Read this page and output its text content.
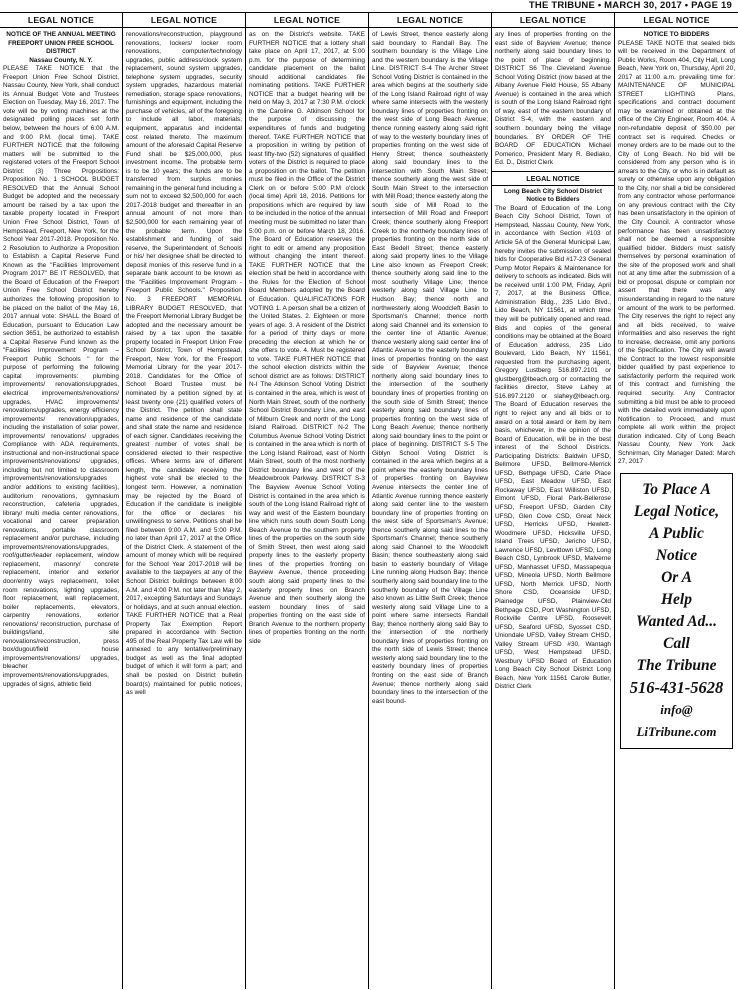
THE TRIBUNE • MARCH 30, 2017 • PAGE 19
LEGAL NOTICE

NOTICE OF THE ANNUAL MEETING

FREEPORT UNION FREE SCHOOL DISTRICT

Nassau County, N. Y.

PLEASE TAKE NOTICE that the Freeport Union Free School District, Nassau County, New York, shall conduct its Annual Budget Vote and Trustees Election on Tuesday, May 16, 2017. The vote will be by voting machines at the designated polling places set forth below, between the hours of 6:00 A.M. and 9:00 P.M. (local time). TAKE FURTHER NOTICE that the following matters will be submitted to the registered voters of the Freeport School District: (3) Three Propositions: Proposition No. 1 SCHOOL BUDGET RESOLVED that the Annual School Budget be adopted and the necessary amount be raised by a tax upon the taxable property located in Freeport Union Free School District, Town of Hempstead, Freeport, New York, for the School Year 2017-2018. Proposition No. 2 Resolution to Authorize a Proposition to Establish a Capital Reserve Fund Known as the "Facilities Improvement Program 2017" BE IT RESOLVED, that the Board of Education of the Freeport Union Free School District hereby authorizes the following proposition to be placed on the ballot of the May 16, 2017 annual vote: SHALL the Board of Education, pursuant to Education Law section 3651, be authorized to establish a Capital Reserve Fund known as the "Facilities Improvement Program – Freeport Public Schools " for the purpose of performing the following capital improvements: plumbing improvements/ renovations/upgrades, electrical improvements/renovations/ upgrades, HVAC improvements/ renovations/upgrades, energy efficiency improvements/ renovation/upgrades, including the installation of solar power, improvements/ renovations/ upgrades Compliance with ADA requirements, instructional and non-instructional space improvements/renovations/ upgrades, including but not limited to classroom improvements/renovations/upgrades and/or additions to existing facilities), auditorium renovations, gymnasium reconstruction, cafeteria upgrades, library/ multi media center renovations, vocational and career preparation renovations, portable classroom replacement and/or purchase, including improvements/renovations/upgrades, roof/gutter/leader replacement, window replacement, masonry/ concrete replacement, interior and exterior door/entry ways replacement, toilet room renovations, lighting upgrades, floor replacement, wall replacement, boiler replacements, elevators, carpentry renovations, exterior renovations/ reconstruction, purchase of buildings/land, site renovations/reconstruction, press box/dugout/field house improvements/renovations/ upgrades, bleacher improvements/renovations/upgrades, upgrades of signs, athletic field

LEGAL NOTICE

renovations/reconstruction, playground renovations, lockers/ locker room renovations, computer/technology upgrades, public address/clock system replacement, sound system upgrades, telephone system upgrades, security system upgrades, hazardous material remediation, storage space renovations, furnishings and equipment, including the purchase of vehicles, all of the foregoing to include all labor, materials, equipment, apparatus and incidental cost related thereto. The maximum amount of the aforesaid Capital Reserve Fund shall be $25,000,000, plus investment income. The probable term is to be 10 years; the funds are to be transferred from surplus monies remaining in the general fund including a sum not to exceed $2,500,000 for each 2017-2018 budget and thereafter in an annual amount of not more than $2,500,000 for each remaining year of the probable term. Upon the establishment and funding of said reserve, the Superintendent of Schools or his/ her designee shall be directed to deposit monies of this reserve fund in a separate bank account to be known as the "Facilities Improvement Program - Freeport Public Schools." Proposition No. 3 FREEPORT MEMORIAL LIBRARY BUDGET RESOLVED, that the Freeport Memorial Library Budget be adopted and the necessary amount be raised by a tax upon the taxable property located in Freeport Union Free School District, Town of Hempstead, Freeport, New York, for the Freeport Memorial Library for the year 2017-2018. Candidates for the Office of School Board Trustee must be nominated by a petition signed by at least twenty one (21) qualified voters of the District. The petition shall state name and residence of the candidate and shall state the name and residence of each signer. Candidates receiving the greatest number of votes shall be considered elected to their respective offices. Where terms are of different length, the candidate receiving the highest vote shall be elected to the longest term. However, a nomination may be rejected by the Board of Education if the candidate is ineligible for the office or declares his unwillingness to serve. Petitions shall be filed between 9:00 A.M. and 5:00 P.M. no later than April 17, 2017 at the Office of the District Clerk. A statement of the amount of money which will be required for the School Year 2017-2018 will be available to the taxpayers at any of the School District buildings between 8:00 A.M. and 4:00 P.M. not later than May 2, 2017, excepting Saturdays and Sundays or holidays, and at such annual election. TAKE FURTHER NOTICE that a Real Property Tax Exemption Report prepared in accordance with Section 495 of the Real Property Tax Law will be annexed to any tentative/preliminary budget as well as the final adopted budget of which it will form a part; and shall be posted on District bulletin board(s) maintained for public notices, as well

LEGAL NOTICE

as on the District's website. TAKE FURTHER NOTICE that a lottery shall take place on April 17, 2017, at 5:00 p.m. for the purpose of determining candidate placement on the ballot should additional candidates file nominating petitions. TAKE FURTHER NOTICE that a budget hearing will be held on May 3, 2017 at 7:30 P.M. o'clock in the Caroline G. Atkinson School for the purpose of discussing the expenditures of funds and budgeting thereof. TAKE FURTHER NOTICE that a proposition in writing by petition of least fifty-two (52) signatures of qualified voters of the District is required to place a proposition on the ballot. The petition must be filed in the Office of the District Clerk on or before 5:00 P.M o'clock (local time) April 18, 2016. Petitions for propositions which are required by law to be included in the notice of the annual meeting must be submitted no later than 5:00 p.m. on or before March 18, 2016. The Board of Education reserves the right to edit or amend any proposition without changing the intent thereof. TAKE FURTHER NOTICE that the election shall be held in accordance with the Rules for the Election of School Board Members adopted by the Board of Education. QUALIFICATIONS FOR VOTING 1. A person shall be a citizen of the United States. 2. Eighteen or more years of age. 3. A resident of the District for a period of thirty days or more preceding the election at which he or she offers to vote. 4. Must be registered to vote. TAKE FURTHER NOTICE that the school election districts within the school district are as follows: DISTRICT N-I The Atkinson School Voting District is contained in the area, which is west of North Main Street, south of the northerly School District Boundary Line, and east of Milburn Creek and north of the Long Island Railroad. DISTRICT N-2 The Columbus Avenue School Voting District is contained in the area which is north of the Long Island Railroad, east of North Main Street, south of the most northerly District boundary line and west of the Meadowbrook Parkway. DISTRICT S-3 The Bayview Avenue School Voting District is contained in the area which is south of the Long Island Railroad right of way and west of the Eastern boundary line which runs south down South Long Beach Avenue to the southern property lines of the properties on the south side of Smith Street, then west along said property lines to the easterly property lines of the properties fronting on Bayview Avenue, thence proceeding south along said property lines to the easterly property lines on Branch Avenue and then southerly along the eastern boundary lines of said properties fronting on the east side of Branch Avenue to the northern property lines of properties fronting on the north side

LEGAL NOTICE

of Lewis Street, thence easterly along said boundary to Randall Bay. The southern boundary is the Village Line and the western boundary is the Village Line. DISTRICT S-4 The Archer Street School Voting District is contained in the area which begins at the southerly side of the Long Island Railroad right of way where same intersects with the westerly boundary lines of properties fronting on the west side of Long Beach Avenue; thence running easterly along said right of way to the westerly boundary lines of properties fronting on the west side of Henry Street; thence southeasterly along said boundary lines to the intersection with South Main Street; thence southerly along the west side of South Main Street to the intersection with Mill Road; thence easterly along the south side of Mill Road to the intersection of Mill Road and Freeport Creek; thence southerly along Freeport Creek to the northerly boundary lines of properties fronting on the north side of East Bedell Street; thence easterly along said property lines to the Village Line also known as Freeport Creek; thence southerly along said line to the most southerly Village Line; thence westerly along said Village Line to Hudson Bay; thence north and northwesterly along Woodcleft Basin to Sportsman's Channel; thence north along said Channel and its extension to the center line of Atlantic Avenue; thence westerly along said center line of Atlantic Avenue to the easterly boundary lines of properties fronting on the east side of Bayview Avenue; thence northerly along said boundary lines to the intersection of the southerly boundary lines of properties fronting on the south side of Smith Street; thence easterly along said boundary lines of properties fronting on the west side of Long Beach Avenue; thence northerly along said boundary lines to the point or place of beginning. DISTRICT S-5 The Giblyn School Voting District is contained in the area which begins at a point where the easterly boundary lines of properties fronting on Bayview Avenue intersects the center line of Atlantic Avenue running thence easterly along said center line to the western boundary line of properties fronting on the west side of Sportsman's Avenue; thence southerly along said lines to the Sportsman's Channel; thence southerly along said Channel to the Woodcleft Basin; thence southeasterly along said basin to easterly boundary of Village Line running along Hudson Bay; thence southerly along said boundary line to the southerly boundary of the Village Line also known as Little Swift Creek; thence westerly along said Village Line to a point where same intersects Randall Bay; thence northerly along said Bay to the intersection of the northerly boundary lines of properties fronting on the north side of Lewis Street; thence westerly along said boundary line to the easterly boundary lines of properties fronting on the east side of Branch Avenue; thence northerly along said boundary lines to the intersection of the east bound-

LEGAL NOTICE

ary lines of properties fronting on the east side of Bayview Avenue; thence northerly along said boundary lines to the point of place of beginning. DISTRICT S6 The Cleveland Avenue School Voting District (now based at the Albany Avenue Field House, 55 Albany Avenue) is contained in the area which is south of the Long Island Railroad right of way, east of the eastern boundary of District S-4, with the eastern and southern boundary being the village boundaries. BY ORDER OF THE BOARD OF EDUCATION Michael Pomerico, President Mary R. Bediako, Ed. D., District Clerk

LEGAL NOTICE

Long Beach City School District Notice to Bidders

The Board of Education of the Long Beach City School District, Town of Hempstead, Nassau County, New York, in accordance with Section #103 of Article 5A of the General Municipal Law, hereby invites the submission of sealed bids for Cooperative Bid #17-23 General Pump Motor Repairs & Maintenance for delivery to schools as indicated. Bids will be received until 1:00 PM, Friday, April 7, 2017, at the Business Office, Administration Bldg., 235 Lido Blvd., Lido Beach, NY 11561, at which time they will be publically opened and read. Bids and copies of the general conditions may be obtained at the Board of Education address, 235 Lido Boulevard, Lido Beach, NY 11561, requested from the purchasing agent, Gregory Lustberg 516.897.2101 or glustberg@lbeach.org or contacting the facilities director, Steve Lahey at 516.897.2120 or slahey@lbeach.org. The Board of Education reserves the right to reject any and all bids or to award on a total award or item by item basis, whichever, in the opinion of the Board of Education, will be in the best interest of the School Districts. Participating Districts: Baldwin UFSD, Bellmore UFSD, Bellmore-Merrick UFSD, Bethpage UFSD, Carle Place UFSD, East Meadow UFSD, East Rockaway UFSD, East Williston UFSD, Elmont UFSD, Floral Park-Bellerose UFSD, Freeport UFSD, Garden City UFSD, Glen Cove CSD, Great Neck UFSD, Herricks UFSD, Hewlett-Woodmere UFSD, Hicksville UFSD, Island Trees UFSD, Jericho UFSD, Lawrence UFSD, Levittown UFSD, Long Beach CSD, Lynbrook UFSD, Malverne UFSD, Manhasset UFSD, Massapequa UFSD, Mineola UFSD, North Bellmore UFSD, North Merrick UFSD, North Shore CSD, Oceanside UFSD, Plainedge UFSD, Plainview-Old Bethpage CSD, Port Washington UFSD, Rockville Centre UFSD, Roosevelt UFSD, Seaford UFSD, Syosset CSD, Uniondale UFSD, Valley Stream CHSD, Valley Stream UFSD #30, Wantagh UFSD, West Hempstead UFSD, Westbury UFSD Board of Education Long Beach City School District Long Beach, New York 11561 Carole Butler, District Clerk

LEGAL NOTICE

NOTICE TO BIDDERS

PLEASE TAKE NOTE that sealed bids will be received in the Department of Public Works, Room 404, City Hall, Long Beach, New York on, Thursday, April 20, 2017 at 11:00 a.m. prevailing time for: MAINTENANCE OF MUNICIPAL STREET LIGHTING Plans, specifications and contract document may be examined or obtained at the office of the City Engineer, Room 404. A non-refundable deposit of $50.00 per contract set is required. Checks or money orders are to be made out to the City of Long Beach. No bid will be considered from any person who is in arrears to the City, or who is in default as surety or otherwise upon any obligation to the City, nor shall a bid be considered from any contractor whose performance on any previous contract with the City has been unsatisfactory in the opinion of the City Council. A contractor whose performance has been unsatisfactory shall not be deemed a responsible qualified bidder. Bidders must satisfy themselves by personal examination of the site of the proposed work and shall not at any time after the submission of a bid or proposal, dispute or complain nor assert that there was any misunderstanding in regard to the nature or amount of the work to be performed. The City reserves the right to reject any and all bids received, to waive informalities and also reserves the right to increase, decrease, omit any portions of the Specification. The City will award the Contract to the lowest responsible bidder qualified by past experience to satisfactorily perform the required work of this contract and furnishing the required security. Any Contractor submitting a bid must be able to proceed with the detailed work immediately upon Notification to Proceed, and must complete all work within the project duration indicated. City of Long Beach Nassau County, New York Jack Schnirman, City Manager Dated: March 27, 2017

To Place A

Legal Notice,

A Public

Notice

Or A

Help

Wanted Ad...

Call

The Tribune

516-431-5628

info@

LiTribune.com
